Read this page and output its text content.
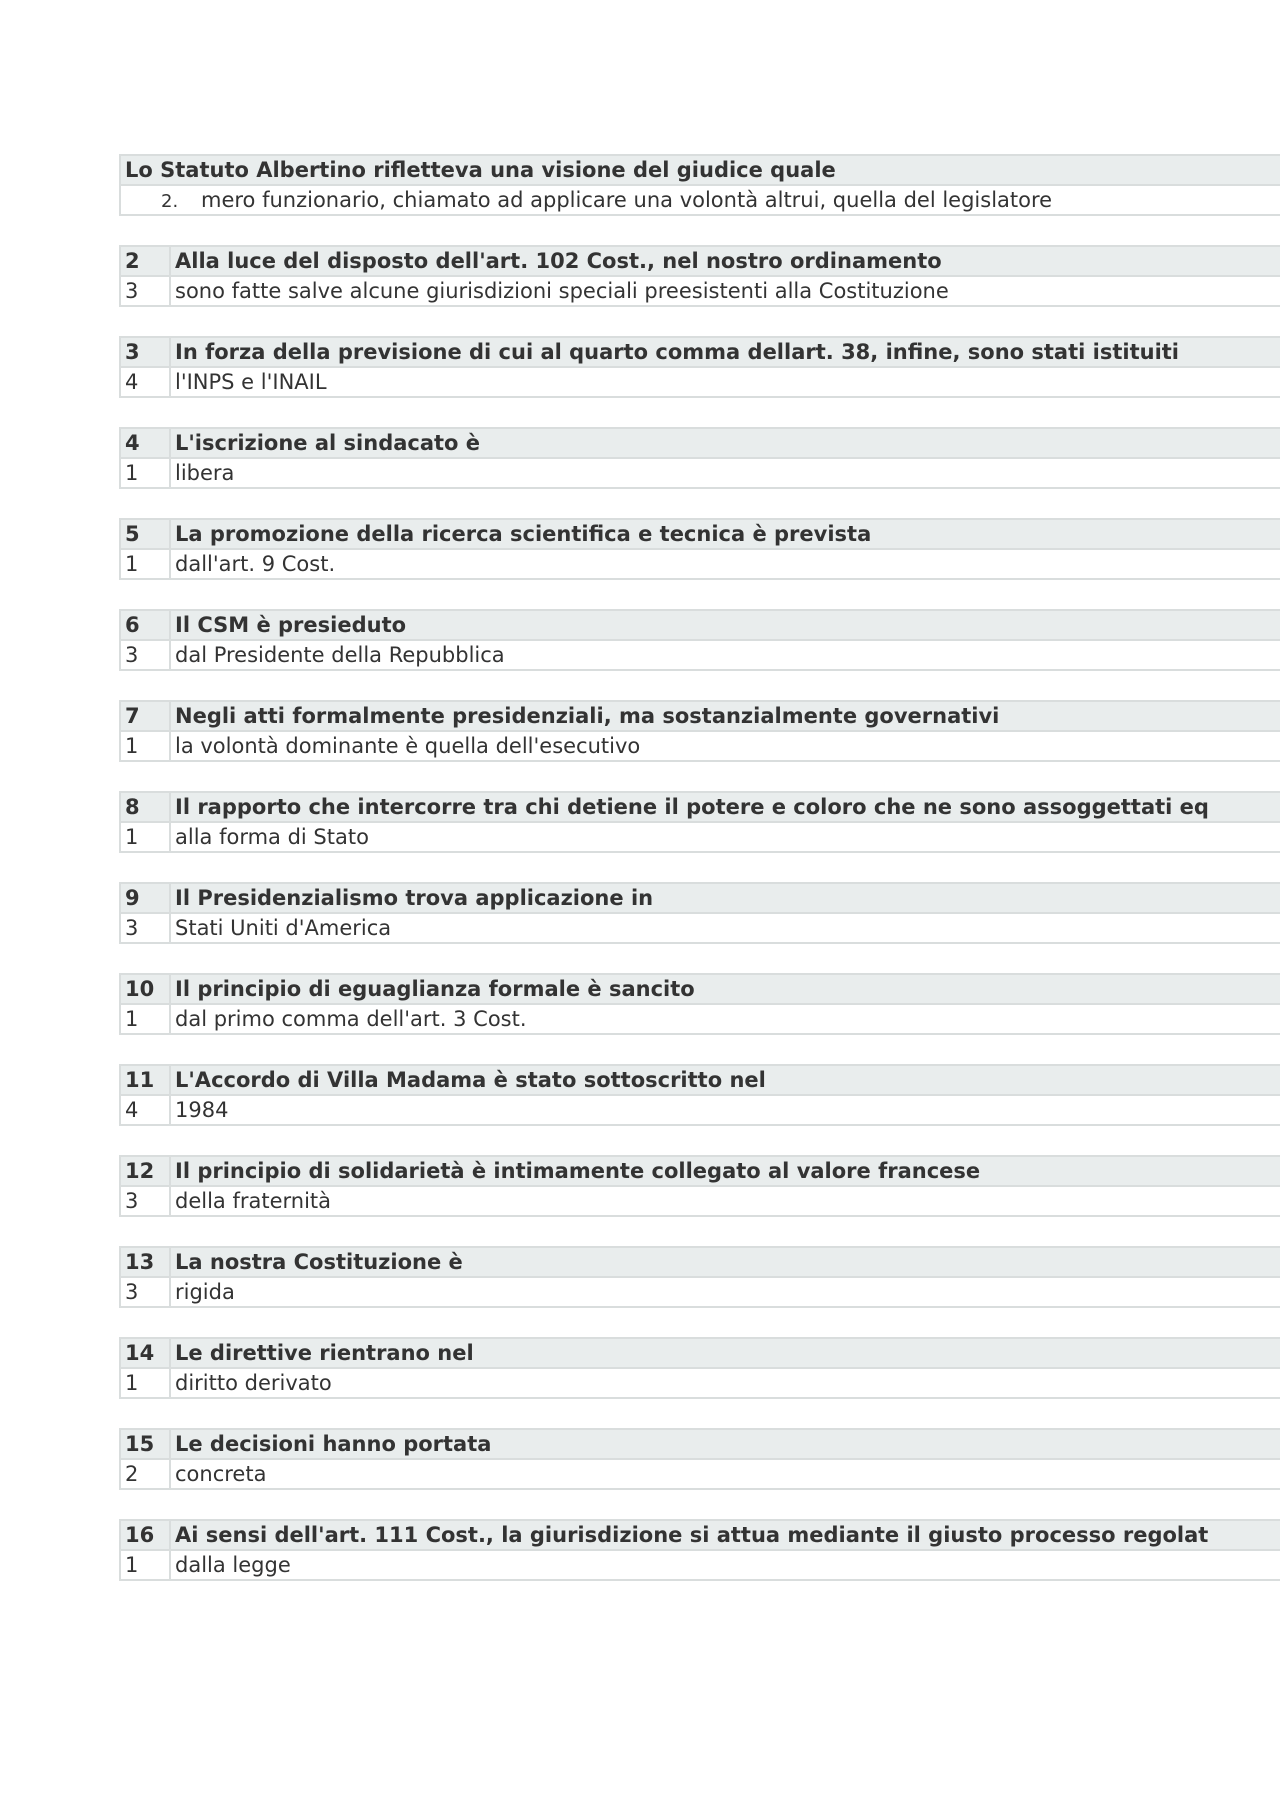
Lo Statuto Albertino rifletteva una visione del giudice quale
2. mero funzionario, chiamato ad applicare una volontà altrui, quella del legislatore
2	Alla luce del disposto dell'art. 102 Cost., nel nostro ordinamento
3	sono fatte salve alcune giurisdizioni speciali preesistenti alla Costituzione
3	In forza della previsione di cui al quarto comma dellart. 38, infine, sono stati istituiti
4	l'INPS e l'INAIL
4	L'iscrizione al sindacato è
1	libera
5	La promozione della ricerca scientifica e tecnica è prevista
1	dall'art. 9 Cost.
6	Il CSM è presieduto
3	dal Presidente della Repubblica
7	Negli atti formalmente presidenziali, ma sostanzialmente governativi
1	la volontà dominante è quella dell'esecutivo
8	Il rapporto che intercorre tra chi detiene il potere e coloro che ne sono assoggettati eq
1	alla forma di Stato
9	Il Presidenzialismo trova applicazione in
3	Stati Uniti d'America
10	Il principio di eguaglianza formale è sancito
1	dal primo comma dell'art. 3 Cost.
11	L'Accordo di Villa Madama è stato sottoscritto nel
4	1984
12	Il principio di solidarietà è intimamente collegato al valore francese
3	della fraternità
13	La nostra Costituzione è
3	rigida
14	Le direttive rientrano nel
1	diritto derivato
15	Le decisioni hanno portata
2	concreta
16	Ai sensi dell'art. 111 Cost., la giurisdizione si attua mediante il giusto processo regolat
1	dalla legge
